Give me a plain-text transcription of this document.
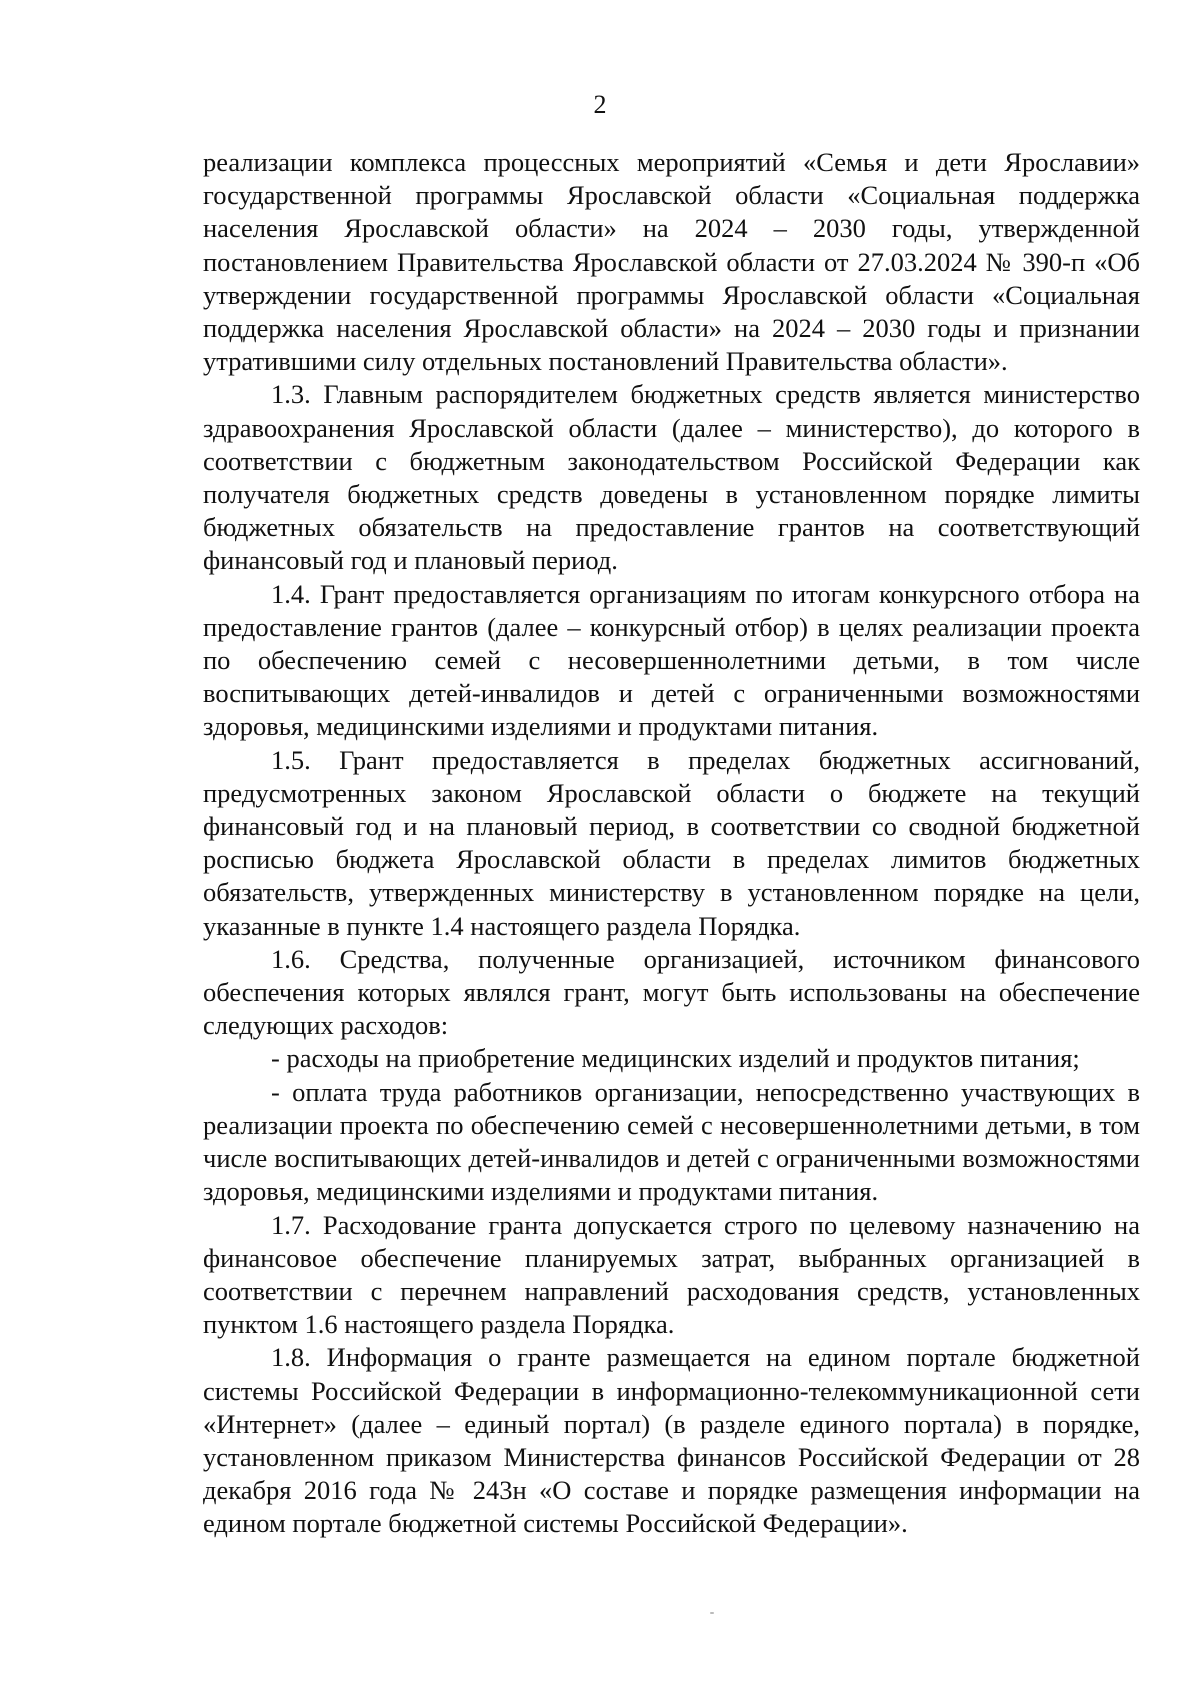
2

реализации комплекса процессных мероприятий «Семья и дети Ярославии» государственной программы Ярославской области «Социальная поддержка населения Ярославской области» на 2024 – 2030 годы, утвержденной постановлением Правительства Ярославской области от 27.03.2024 № 390-п «Об утверждении государственной программы Ярославской области «Социальная поддержка населения Ярославской области» на 2024 – 2030 годы и признании утратившими силу отдельных постановлений Правительства области».

1.3. Главным распорядителем бюджетных средств является министерство здравоохранения Ярославской области (далее – министерство), до которого в соответствии с бюджетным законодательством Российской Федерации как получателя бюджетных средств доведены в установленном порядке лимиты бюджетных обязательств на предоставление грантов на соответствующий финансовый год и плановый период.

1.4. Грант предоставляется организациям по итогам конкурсного отбора на предоставление грантов (далее – конкурсный отбор) в целях реализации проекта по обеспечению семей с несовершеннолетними детьми, в том числе воспитывающих детей-инвалидов и детей с ограниченными возможностями здоровья, медицинскими изделиями и продуктами питания.

1.5. Грант предоставляется в пределах бюджетных ассигнований, предусмотренных законом Ярославской области о бюджете на текущий финансовый год и на плановый период, в соответствии со сводной бюджетной росписью бюджета Ярославской области в пределах лимитов бюджетных обязательств, утвержденных министерству в установленном порядке на цели, указанные в пункте 1.4 настоящего раздела Порядка.

1.6. Средства, полученные организацией, источником финансового обеспечения которых являлся грант, могут быть использованы на обеспечение следующих расходов:

- расходы на приобретение медицинских изделий и продуктов питания;

- оплата труда работников организации, непосредственно участвующих в реализации проекта по обеспечению семей с несовершеннолетними детьми, в том числе воспитывающих детей-инвалидов и детей с ограниченными возможностями здоровья, медицинскими изделиями и продуктами питания.

1.7. Расходование гранта допускается строго по целевому назначению на финансовое обеспечение планируемых затрат, выбранных организацией в соответствии с перечнем направлений расходования средств, установленных пунктом 1.6 настоящего раздела Порядка.

1.8. Информация о гранте размещается на едином портале бюджетной системы Российской Федерации в информационно-телекоммуникационной сети «Интернет» (далее – единый портал) (в разделе единого портала) в порядке, установленном приказом Министерства финансов Российской Федерации от 28 декабря 2016 года № 243н «О составе и порядке размещения информации на едином портале бюджетной системы Российской Федерации».
